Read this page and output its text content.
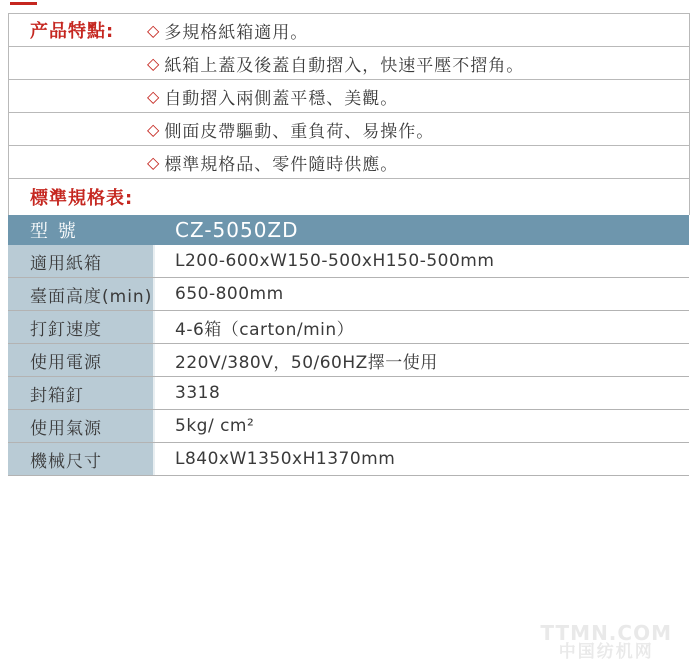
产品特點:	◇ 多規格紙箱適用。
◇ 紙箱上蓋及後蓋自動摺入，快速平壓不摺角。
◇ 自動摺入兩側蓋平穩、美觀。
◇ 側面皮帶驅動、重負荷、易操作。
◇ 標準規格品、零件隨時供應。
標準規格表:
型 號	CZ-5050ZD
適用紙箱	L200-600xW150-500xH150-500mm
臺面高度(min)	650-800mm
打釘速度	4-6箱（carton/min）
使用電源	220V/380V，50/60HZ擇一使用
封箱釘	3318
使用氣源	5kg/ cm²
機械尺寸	L840xW1350xH1370mm
TTMN.COM
中国纺机网
